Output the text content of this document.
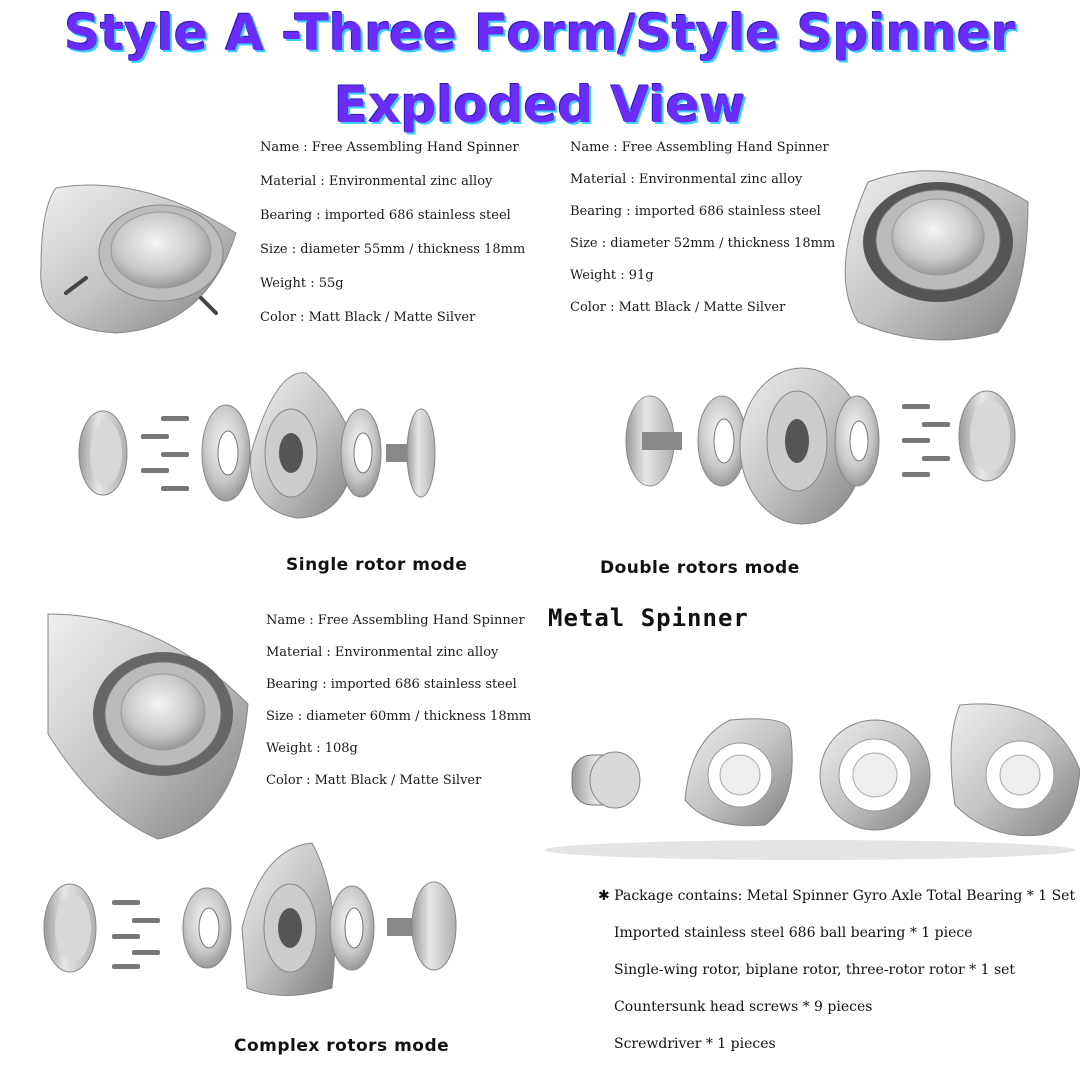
Style A -Three Form/Style Spinner
Exploded View
Name : Free Assembling Hand Spinner
Material : Environmental zinc alloy
Bearing : imported 686 stainless steel
Size : diameter 55mm / thickness 18mm
Weight : 55g
Color : Matt Black / Matte Silver
Name : Free Assembling Hand Spinner
Material : Environmental zinc alloy
Bearing : imported 686 stainless steel
Size : diameter 52mm / thickness 18mm
Weight : 91g
Color : Matt Black / Matte Silver
Single rotor mode	Double rotors mode
Name : Free Assembling Hand Spinner
Material : Environmental zinc alloy
Bearing : imported 686 stainless steel
Size : diameter 60mm / thickness 18mm
Weight : 108g
Color : Matt Black / Matte Silver
Metal Spinner
✱ Package contains: Metal Spinner Gyro Axle Total Bearing * 1 Set
Imported stainless steel 686 ball bearing * 1 piece
Single-wing rotor, biplane rotor, three-rotor rotor * 1 set
Countersunk head screws * 9 pieces
Screwdriver * 1 pieces
Complex rotors mode
